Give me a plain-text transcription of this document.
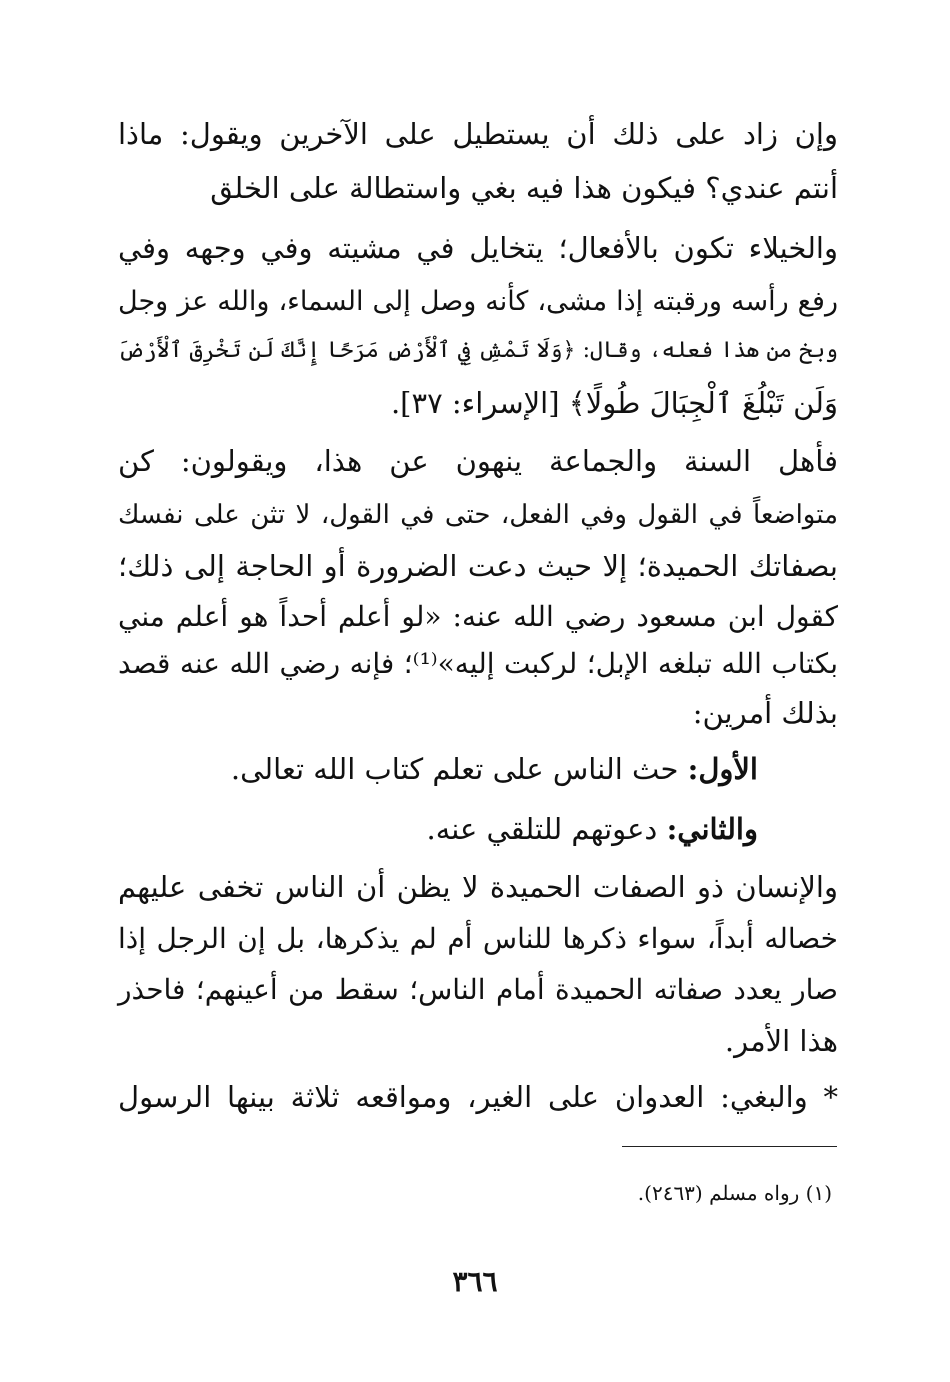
وإن زاد على ذلك أن يستطيل على الآخرين ويقول: ماذا
أنتم عندي؟ فيكون هذا فيه بغي واستطالة على الخلق
والخيلاء تكون بالأفعال؛ يتخايل في مشيته وفي وجهه وفي
رفع رأسه ورقبته إذا مشى، كأنه وصل إلى السماء، والله عز وجل
وبخ من هذا فعله، وقال: ﴿وَلَا تَمْشِ فِي ٱلْأَرْضِ مَرَحًا إِنَّكَ لَن تَخْرِقَ ٱلْأَرْضَ
وَلَن تَبْلُغَ ٱلْجِبَالَ طُولًا﴾ [الإسراء: ٣٧].
فأهل السنة والجماعة ينهون عن هذا، ويقولون: كن
متواضعاً في القول وفي الفعل، حتى في القول، لا تثن على نفسك
بصفاتك الحميدة؛ إلا حيث دعت الضرورة أو الحاجة إلى ذلك؛
كقول ابن مسعود رضي الله عنه: «لو أعلم أحداً هو أعلم مني
بكتاب الله تبلغه الإبل؛ لركبت إليه»⁽¹⁾؛ فإنه رضي الله عنه قصد
بذلك أمرين:
الأول: حث الناس على تعلم كتاب الله تعالى.
والثاني: دعوتهم للتلقي عنه.
والإنسان ذو الصفات الحميدة لا يظن أن الناس تخفى عليهم
خصاله أبداً، سواء ذكرها للناس أم لم يذكرها، بل إن الرجل إذا
صار يعدد صفاته الحميدة أمام الناس؛ سقط من أعينهم؛ فاحذر
هذا الأمر.
* والبغي: العدوان على الغير، ومواقعه ثلاثة بينها الرسول
(١) رواه مسلم (٢٤٦٣).
٣٦٦
